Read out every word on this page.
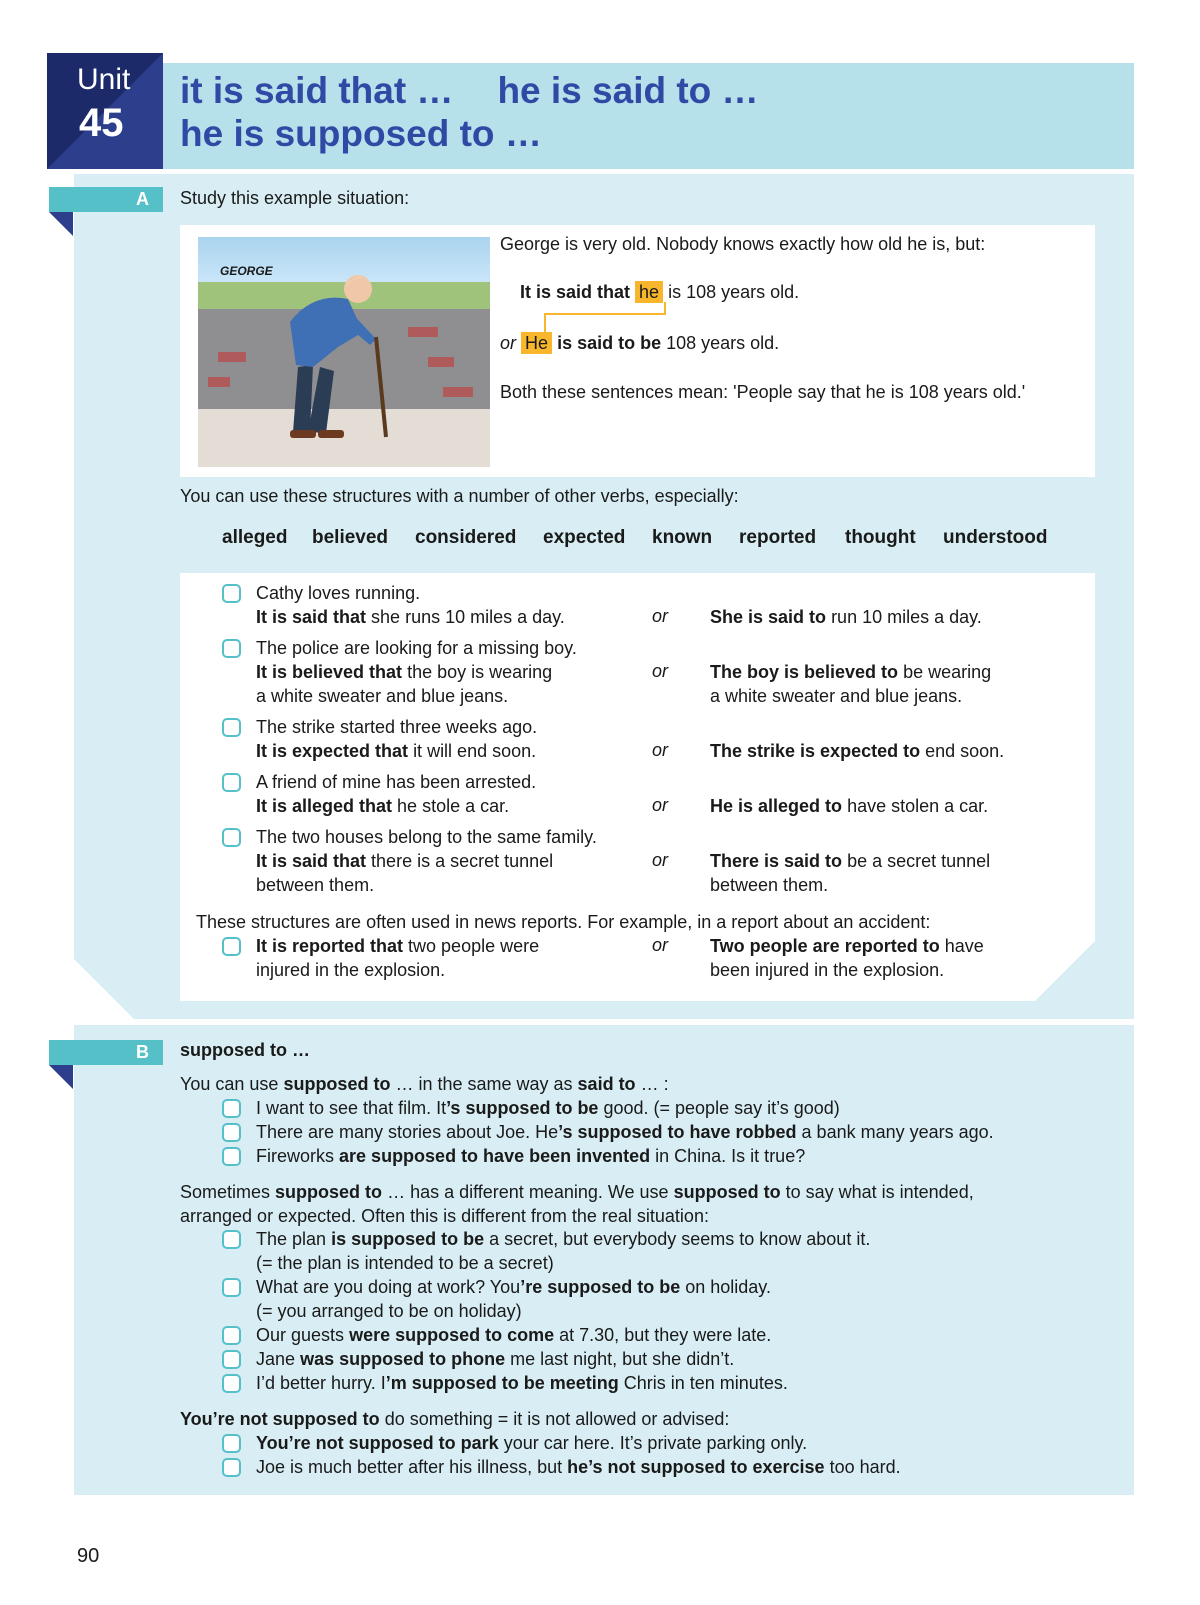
Unit
45
it is said that … he is said to …
he is supposed to …
A Study this example situation:
GEORGE
George is very old. Nobody knows exactly how old he is, but:
It is said that he is 108 years old.
or He is said to be 108 years old.
Both these sentences mean: 'People say that he is 108 years old.'
You can use these structures with a number of other verbs, especially:
alleged believed considered expected known reported thought understood
Cathy loves running.
It is said that she runs 10 miles a day.	or She is said to run 10 miles a day.
The police are looking for a missing boy.
It is believed that the boy is wearing
a white sweater and blue jeans.
or The boy is believed to be wearing
a white sweater and blue jeans.
The strike started three weeks ago.
It is expected that it will end soon.	or The strike is expected to end soon.
A friend of mine has been arrested.
It is alleged that he stole a car.	or He is alleged to have stolen a car.
The two houses belong to the same family.
It is said that there is a secret tunnel
between them.
or There is said to be a secret tunnel
between them.
These structures are often used in news reports. For example, in a report about an accident:
It is reported that two people were
injured in the explosion.
or Two people are reported to have
been injured in the explosion.
B supposed to …
You can use supposed to … in the same way as said to … :
I want to see that film. It’s supposed to be good. (= people say it’s good)
There are many stories about Joe. He’s supposed to have robbed a bank many years ago.
Fireworks are supposed to have been invented in China. Is it true?
Sometimes supposed to … has a different meaning. We use supposed to to say what is intended,
arranged or expected. Often this is different from the real situation:
The plan is supposed to be a secret, but everybody seems to know about it.
(= the plan is intended to be a secret)
What are you doing at work? You’re supposed to be on holiday.
(= you arranged to be on holiday)
Our guests were supposed to come at 7.30, but they were late.
Jane was supposed to phone me last night, but she didn’t.
I’d better hurry. I’m supposed to be meeting Chris in ten minutes.
You’re not supposed to do something = it is not allowed or advised:
You’re not supposed to park your car here. It’s private parking only.
Joe is much better after his illness, but he’s not supposed to exercise too hard.
90
